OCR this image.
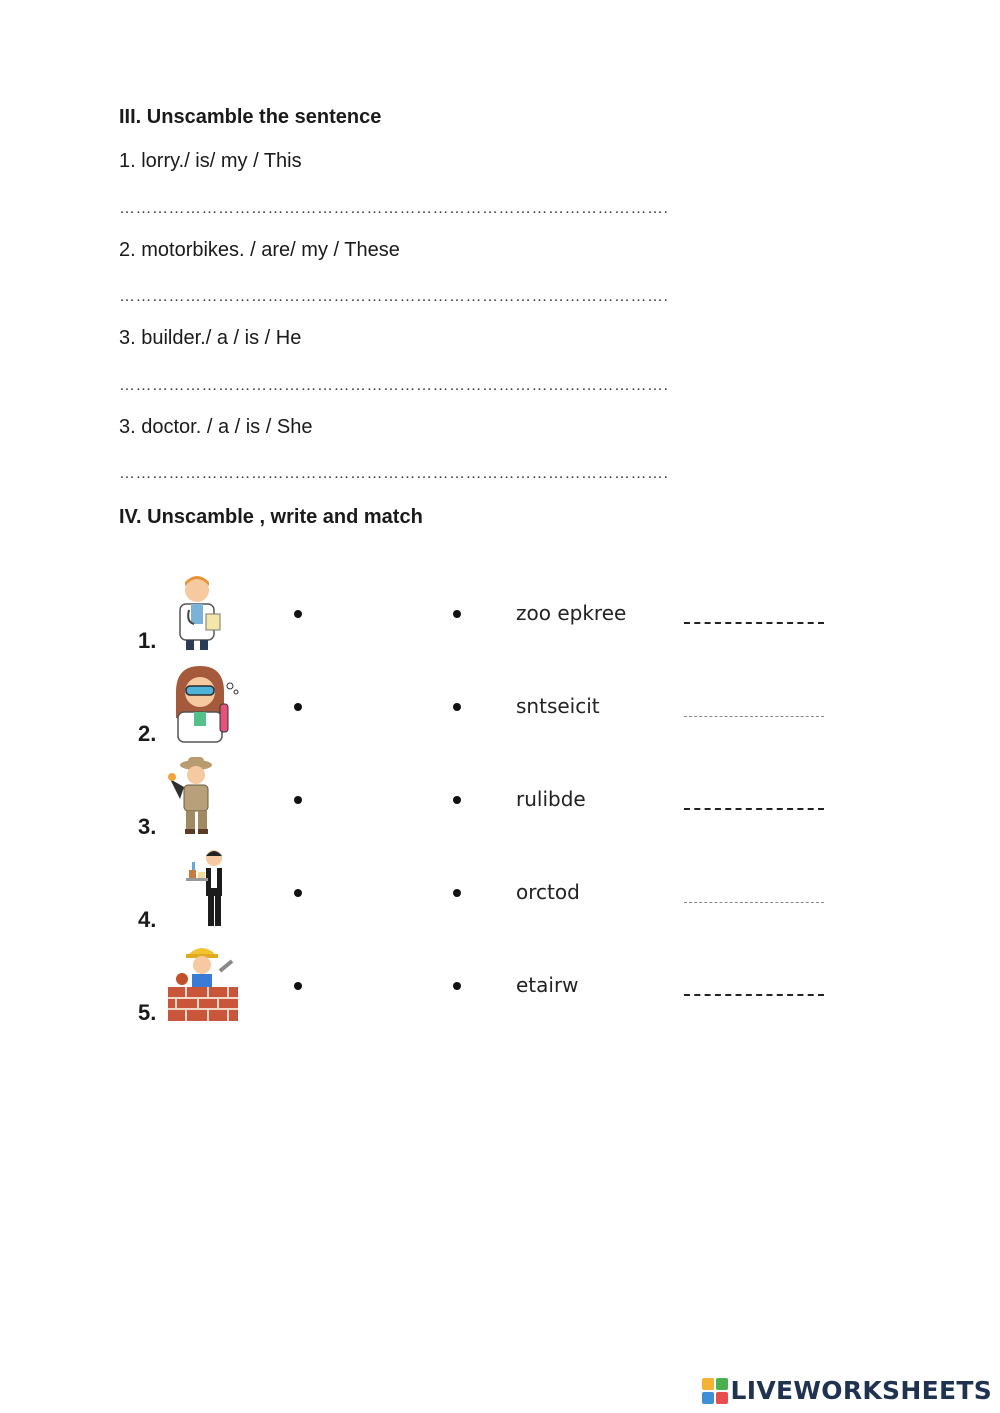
III. Unscamble the sentence
1. lorry./ is/ my / This
……………………………………………………………………………………….
2. motorbikes. / are/ my / These
……………………………………………………………………………………….
3. builder./ a / is / He
……………………………………………………………………………………….
3. doctor. / a / is / She
……………………………………………………………………………………….
IV. Unscamble , write and match
1.
zoo epkree
2.
sntseicit
3.
rulibde
4.
orctod
5.
etairw
LIVEWORKSHEETS
